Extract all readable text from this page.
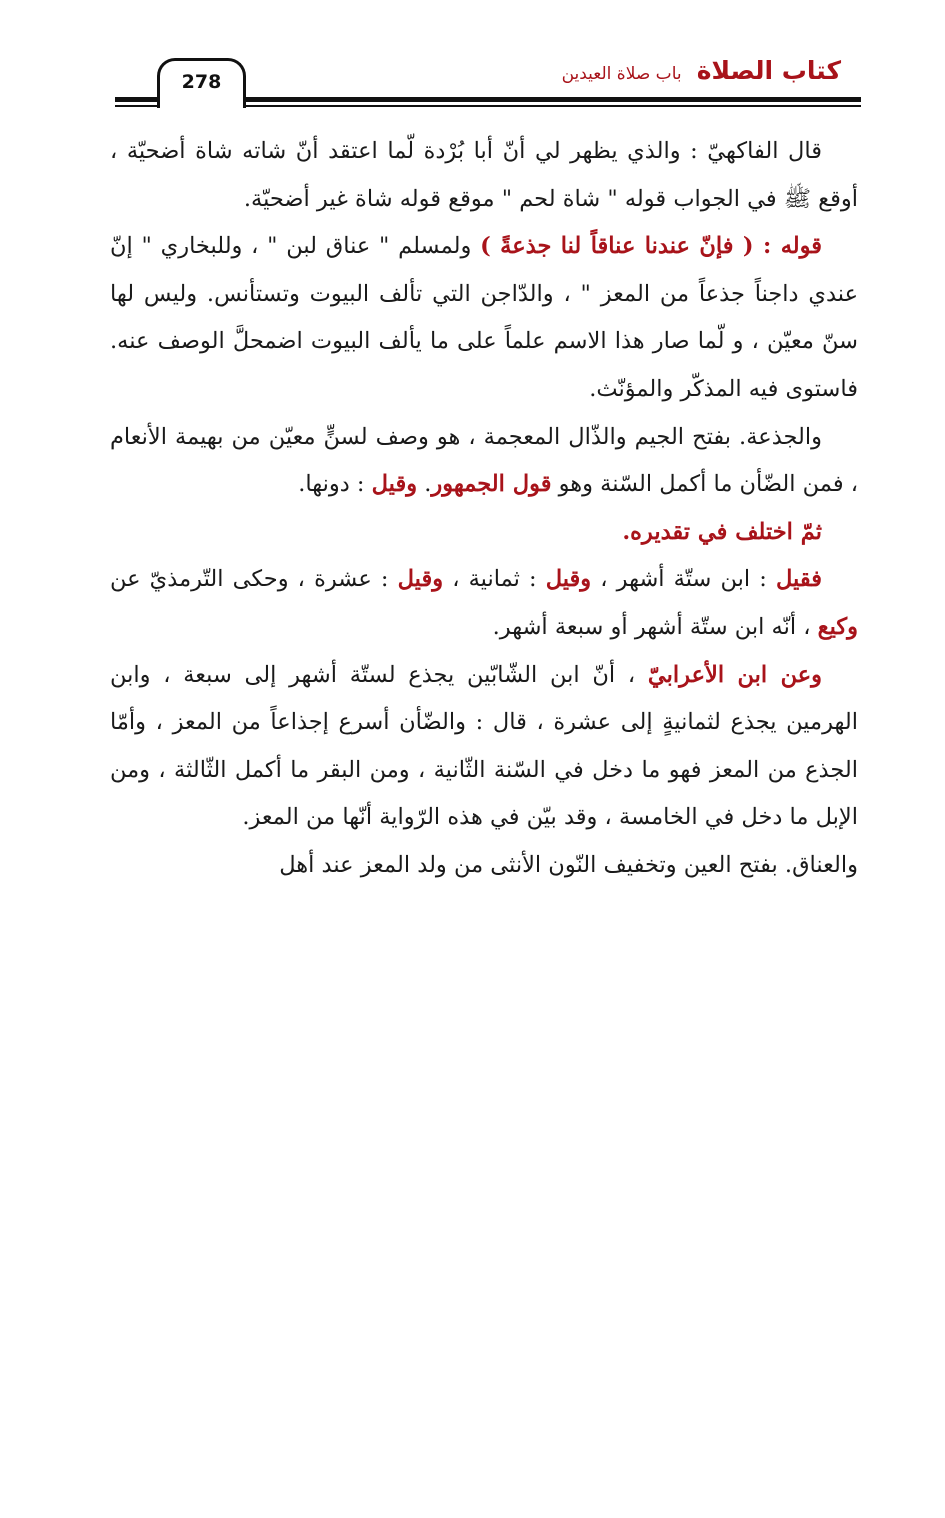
278	كتاب الصلاة باب صلاة العيدين

قال الفاكهيّ : والذي يظهر لي أنّ أبا بُرْدة لّما اعتقد أنّ شاته شاة أضحيّة ، أوقع ﷺ في الجواب قوله " شاة لحم " موقع قوله شاة غير أضحيّة.

قوله : ( فإنّ عندنا عناقاً لنا جذعةً ) ولمسلم " عناق لبن " ، وللبخاري " إنّ عندي داجناً جذعاً من المعز " ، والدّاجن التي تألف البيوت وتستأنس. وليس لها سنّ معيّن ، و لّما صار هذا الاسم علماً على ما يألف البيوت اضمحلَّ الوصف عنه. فاستوى فيه المذكّر والمؤنّث.

والجذعة. بفتح الجيم والذّال المعجمة ، هو وصف لسنٍّ معيّن من بهيمة الأنعام ، فمن الضّأن ما أكمل السّنة وهو قول الجمهور. وقيل : دونها.

ثمّ اختلف في تقديره.

فقيل : ابن ستّة أشهر ، وقيل : ثمانية ، وقيل : عشرة ، وحكى التّرمذيّ عن وكيع ، أنّه ابن ستّة أشهر أو سبعة أشهر.

وعن ابن الأعرابيّ ، أنّ ابن الشّابّين يجذع لستّة أشهر إلى سبعة ، وابن الهرمين يجذع لثمانيةٍ إلى عشرة ، قال : والضّأن أسرع إجذاعاً من المعز ، وأمّا الجذع من المعز فهو ما دخل في السّنة الثّانية ، ومن البقر ما أكمل الثّالثة ، ومن الإبل ما دخل في الخامسة ، وقد بيّن في هذه الرّواية أنّها من المعز.

والعناق. بفتح العين وتخفيف النّون الأنثى من ولد المعز عند أهل
